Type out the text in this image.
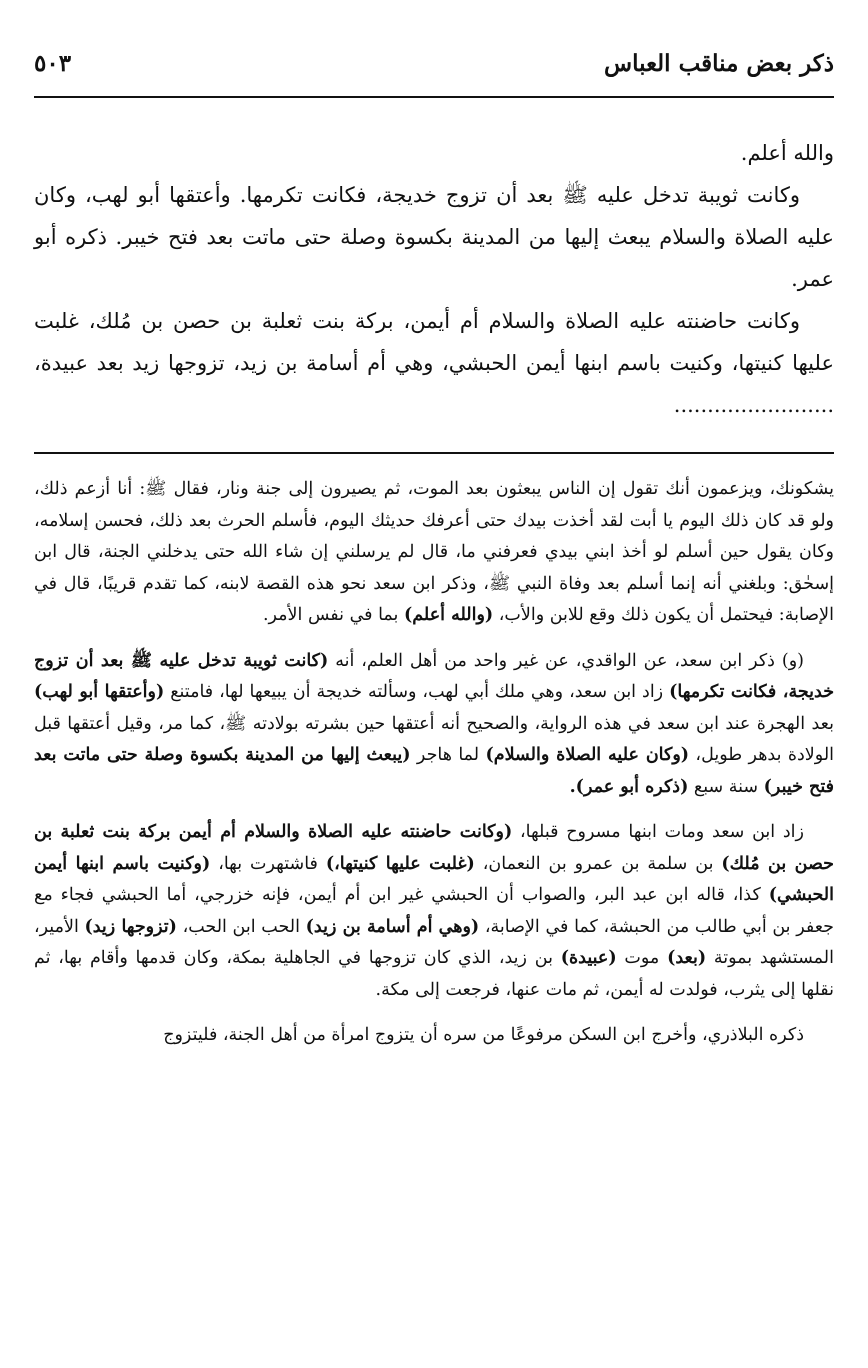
ذكر بعض مناقب العباس
٥٠٣

والله أعلم.

وكانت ثويبة تدخل عليه ﷺ بعد أن تزوج خديجة، فكانت تكرمها. وأعتقها أبو لهب، وكان عليه الصلاة والسلام يبعث إليها من المدينة بكسوة وصلة حتى ماتت بعد فتح خيبر. ذكره أبو عمر.

وكانت حاضنته عليه الصلاة والسلام أم أيمن، بركة بنت ثعلبة بن حصن بن مُلك، غلبت عليها كنيتها، وكنيت باسم ابنها أيمن الحبشي، وهي أم أسامة بن زيد، تزوجها زيد بعد عبيدة، ........................

يشكونك، ويزعمون أنك تقول إن الناس يبعثون بعد الموت، ثم يصيرون إلى جنة ونار، فقال ﷺ: أنا أزعم ذلك، ولو قد كان ذلك اليوم يا أبت لقد أخذت بيدك حتى أعرفك حديثك اليوم، فأسلم الحرث بعد ذلك، فحسن إسلامه، وكان يقول حين أسلم لو أخذ ابني بيدي فعرفني ما، قال لم يرسلني إن شاء الله حتى يدخلني الجنة، قال ابن إسحٰق: وبلغني أنه إنما أسلم بعد وفاة النبي ﷺ، وذكر ابن سعد نحو هذه القصة لابنه، كما تقدم قريبًا، قال في الإصابة: فيحتمل أن يكون ذلك وقع للابن والأب، (والله أعلم) بما في نفس الأمر.

(و) ذكر ابن سعد، عن الواقدي، عن غير واحد من أهل العلم، أنه (كانت ثويبة تدخل عليه ﷺ بعد أن تزوج خديجة، فكانت تكرمها) زاد ابن سعد، وهي ملك أبي لهب، وسألته خديجة أن يبيعها لها، فامتنع (وأعتقها أبو لهب) بعد الهجرة عند ابن سعد في هذه الرواية، والصحيح أنه أعتقها حين بشرته بولادته ﷺ، كما مر، وقيل أعتقها قبل الولادة بدهر طويل، (وكان عليه الصلاة والسلام) لما هاجر (يبعث إليها من المدينة بكسوة وصلة حتى ماتت بعد فتح خيبر) سنة سبع (ذكره أبو عمر).

زاد ابن سعد ومات ابنها مسروح قبلها، (وكانت حاضنته عليه الصلاة والسلام أم أيمن بركة بنت ثعلبة بن حصن بن مُلك) بن سلمة بن عمرو بن النعمان، (غلبت عليها كنيتها،) فاشتهرت بها، (وكنيت باسم ابنها أيمن الحبشي) كذا، قاله ابن عبد البر، والصواب أن الحبشي غير ابن أم أيمن، فإنه خزرجي، أما الحبشي فجاء مع جعفر بن أبي طالب من الحبشة، كما في الإصابة، (وهي أم أسامة بن زيد) الحب ابن الحب، (تزوجها زيد) الأمير، المستشهد بموتة (بعد) موت (عبيدة) بن زيد، الذي كان تزوجها في الجاهلية بمكة، وكان قدمها وأقام بها، ثم نقلها إلى يثرب، فولدت له أيمن، ثم مات عنها، فرجعت إلى مكة.

ذكره البلاذري، وأخرج ابن السكن مرفوعًا من سره أن يتزوج امرأة من أهل الجنة، فليتزوج
